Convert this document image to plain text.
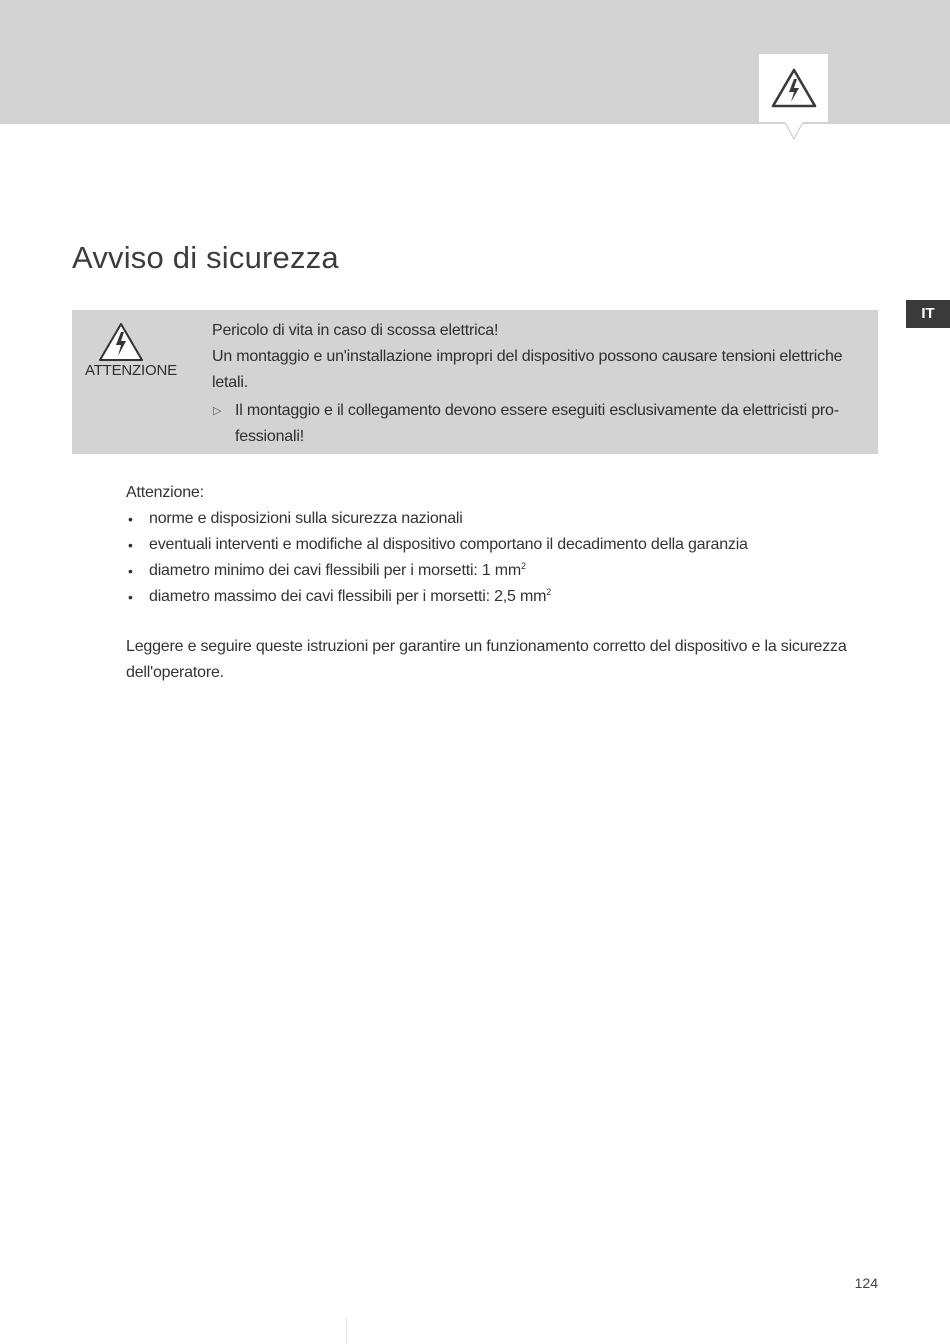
Avviso di sicurezza
IT
ATTENZIONE

Pericolo di vita in caso di scossa elettrica!

Un montaggio e un'installazione impropri del dispositivo possono causare tensioni elettriche letali.

▷ Il montaggio e il collegamento devono essere eseguiti esclusivamente da elettricisti pro-fessionali!

Attenzione:

• norme e disposizioni sulla sicurezza nazionali
• eventuali interventi e modifiche al dispositivo comportano il decadimento della garanzia
• diametro minimo dei cavi flessibili per i morsetti: 1 $mm^2$
• diametro massimo dei cavi flessibili per i morsetti: 2,5 $mm^2$

Leggere e seguire queste istruzioni per garantire un funzionamento corretto del dispositivo e la sicurezza dell'operatore.

124
